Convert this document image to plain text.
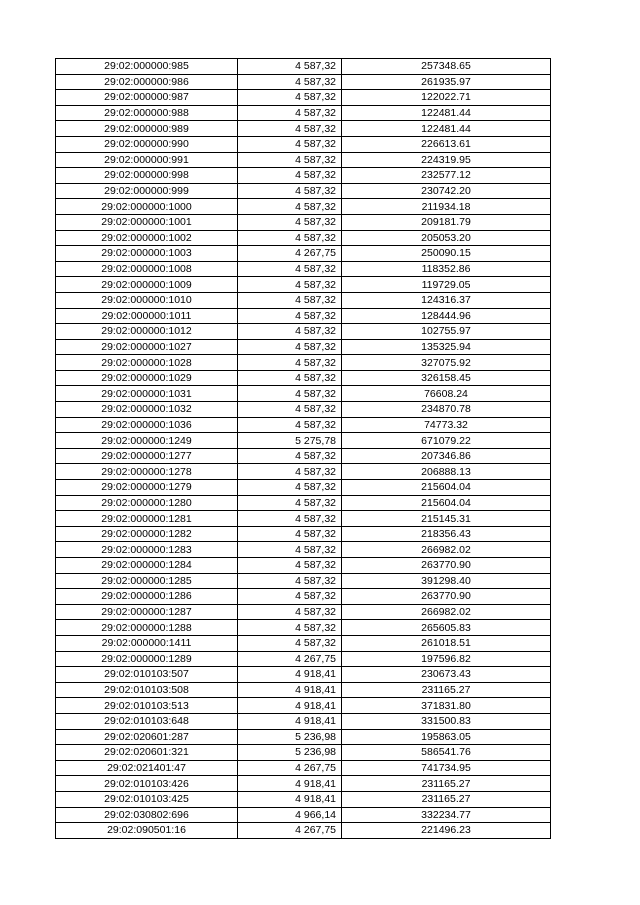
29:02:000000:985	4 587,32	257348.65
29:02:000000:986	4 587,32	261935.97
29:02:000000:987	4 587,32	122022.71
29:02:000000:988	4 587,32	122481.44
29:02:000000:989	4 587,32	122481.44
29:02:000000:990	4 587,32	226613.61
29:02:000000:991	4 587,32	224319.95
29:02:000000:998	4 587,32	232577.12
29:02:000000:999	4 587,32	230742.20
29:02:000000:1000	4 587,32	211934.18
29:02:000000:1001	4 587,32	209181.79
29:02:000000:1002	4 587,32	205053.20
29:02:000000:1003	4 267,75	250090.15
29:02:000000:1008	4 587,32	118352.86
29:02:000000:1009	4 587,32	119729.05
29:02:000000:1010	4 587,32	124316.37
29:02:000000:1011	4 587,32	128444.96
29:02:000000:1012	4 587,32	102755.97
29:02:000000:1027	4 587,32	135325.94
29:02:000000:1028	4 587,32	327075.92
29:02:000000:1029	4 587,32	326158.45
29:02:000000:1031	4 587,32	76608.24
29:02:000000:1032	4 587,32	234870.78
29:02:000000:1036	4 587,32	74773.32
29:02:000000:1249	5 275,78	671079.22
29:02:000000:1277	4 587,32	207346.86
29:02:000000:1278	4 587,32	206888.13
29:02:000000:1279	4 587,32	215604.04
29:02:000000:1280	4 587,32	215604.04
29:02:000000:1281	4 587,32	215145.31
29:02:000000:1282	4 587,32	218356.43
29:02:000000:1283	4 587,32	266982.02
29:02:000000:1284	4 587,32	263770.90
29:02:000000:1285	4 587,32	391298.40
29:02:000000:1286	4 587,32	263770.90
29:02:000000:1287	4 587,32	266982.02
29:02:000000:1288	4 587,32	265605.83
29:02:000000:1411	4 587,32	261018.51
29:02:000000:1289	4 267,75	197596.82
29:02:010103:507	4 918,41	230673.43
29:02:010103:508	4 918,41	231165.27
29:02:010103:513	4 918,41	371831.80
29:02:010103:648	4 918,41	331500.83
29:02:020601:287	5 236,98	195863.05
29:02:020601:321	5 236,98	586541.76
29:02:021401:47	4 267,75	741734.95
29:02:010103:426	4 918,41	231165.27
29:02:010103:425	4 918,41	231165.27
29:02:030802:696	4 966,14	332234.77
29:02:090501:16	4 267,75	221496.23
